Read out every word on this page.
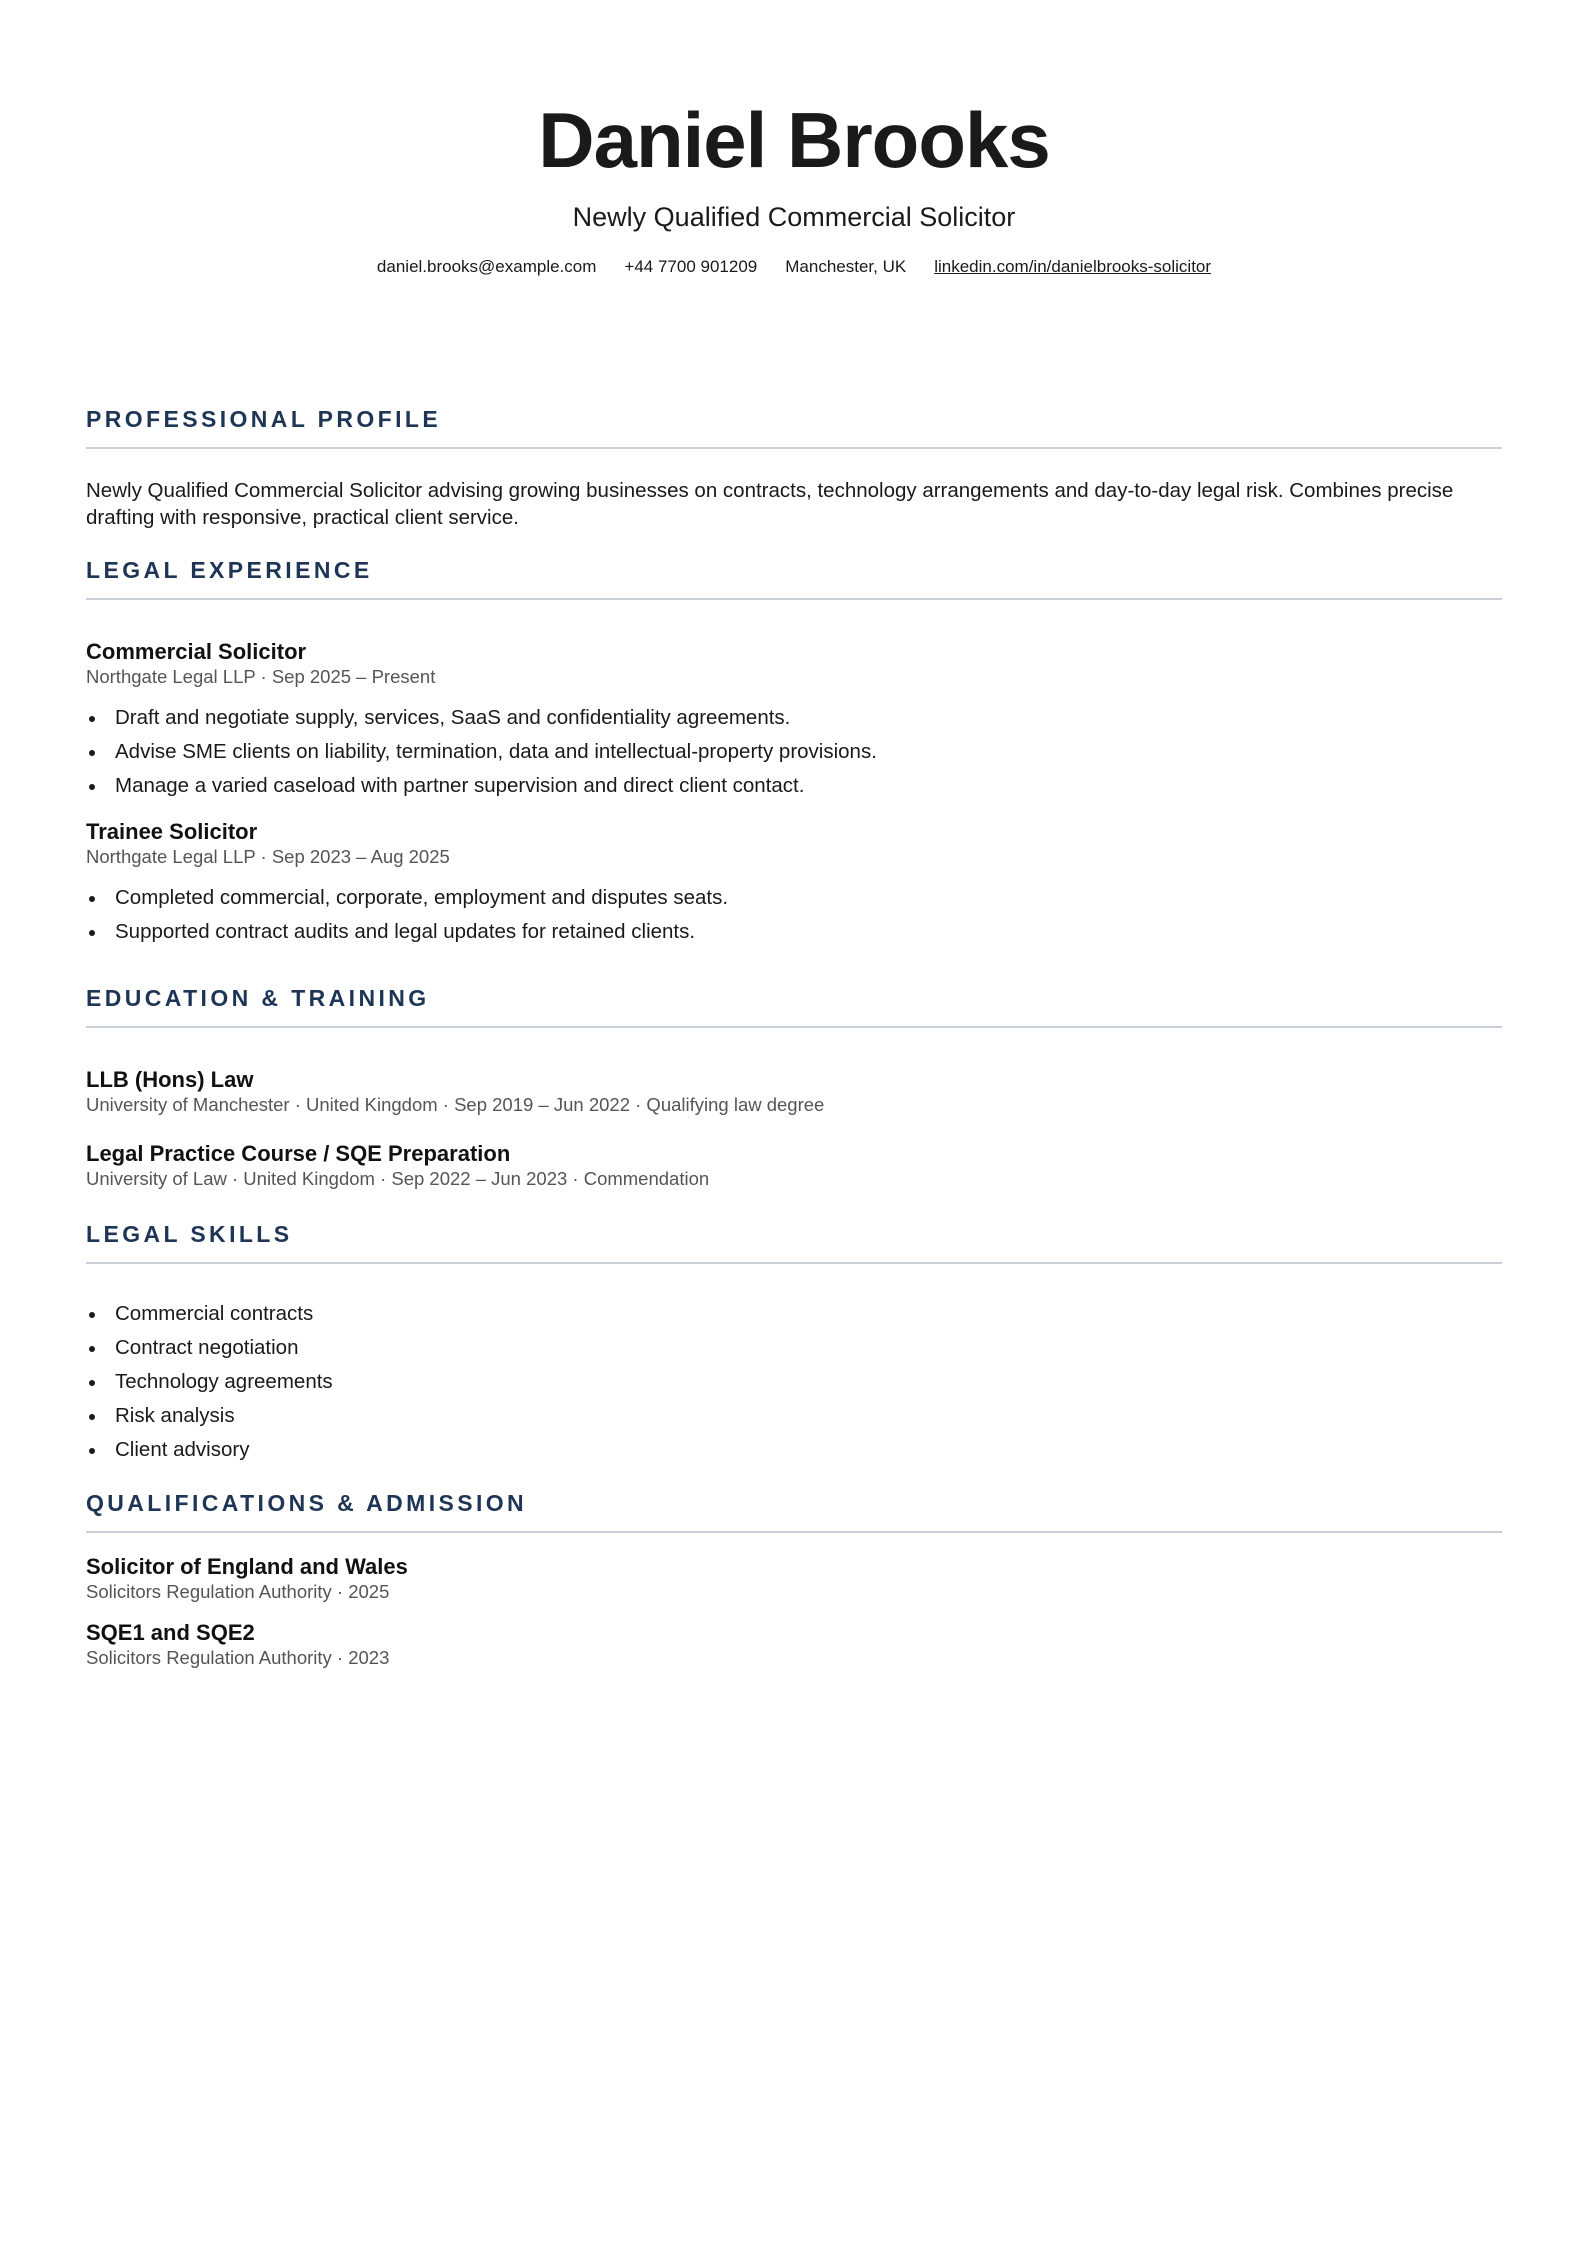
Daniel Brooks
Newly Qualified Commercial Solicitor
daniel.brooks@example.com +44 7700 901209 Manchester, UK linkedin.com/in/danielbrooks-solicitor
PROFESSIONAL PROFILE
Newly Qualified Commercial Solicitor advising growing businesses on contracts, technology arrangements and day-to-day legal risk. Combines precise drafting with responsive, practical client service.
LEGAL EXPERIENCE
Commercial Solicitor
Northgate Legal LLP · Sep 2025 – Present
Draft and negotiate supply, services, SaaS and confidentiality agreements.
Advise SME clients on liability, termination, data and intellectual-property provisions.
Manage a varied caseload with partner supervision and direct client contact.
Trainee Solicitor
Northgate Legal LLP · Sep 2023 – Aug 2025
Completed commercial, corporate, employment and disputes seats.
Supported contract audits and legal updates for retained clients.
EDUCATION & TRAINING
LLB (Hons) Law
University of Manchester · United Kingdom · Sep 2019 – Jun 2022 · Qualifying law degree
Legal Practice Course / SQE Preparation
University of Law · United Kingdom · Sep 2022 – Jun 2023 · Commendation
LEGAL SKILLS
Commercial contracts
Contract negotiation
Technology agreements
Risk analysis
Client advisory
QUALIFICATIONS & ADMISSION
Solicitor of England and Wales
Solicitors Regulation Authority · 2025
SQE1 and SQE2
Solicitors Regulation Authority · 2023
